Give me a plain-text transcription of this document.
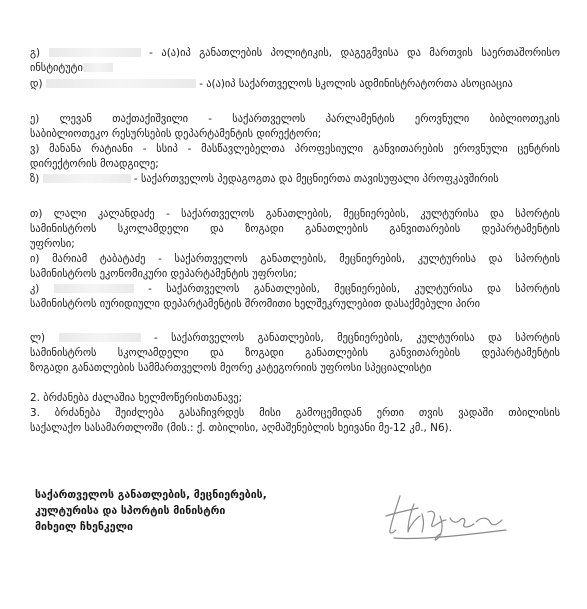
გ)	- ა(ა)იპ განათლების პოლიტიკის, დაგეგმვისა და მართვის საერთაშორისო
ინსტიტუტი
დ)	- ა(ა)იპ საქართველოს სკოლის ადმინისტრატორთა ასოციაცია
ე) ლევან თაქთაქიშვილი - საქართველოს პარლამენტის ეროვნული ბიბლიოთეკის
საბიბლიოთეკო რესურსების დეპარტამენტის დირექტორი;
ვ) მანანა რატიანი - სსიპ - მასწავლებელთა პროფესიული განვითარების ეროვნული ცენტრის
დირექტორის მოადგილე;
ზ)	- საქართველოს პედაგოგთა და მეცნიერთა თავისუფალი პროფკავშირის
თ) ლალი კალანდაძე - საქართველოს განათლების, მეცნიერების, კულტურისა და სპორტის
სამინისტროს სკოლამდელი და ზოგადი განათლების განვითარების დეპარტამენტის
უფროსი;
ი) მარიამ ტაბატაძე - საქართველოს განათლების, მეცნიერების, კულტურისა და სპორტის
სამინისტროს ეკონომიკური დეპარტამენტის უფროსი;
კ)	- საქართველოს განათლების, მეცნიერების, კულტურისა და სპორტის
სამინისტროს იურიდიული დეპარტამენტის შრომითი ხელშეკრულებით დასაქმებული პირი
ლ)	- საქართველოს განათლების, მეცნიერების, კულტურისა და სპორტის
სამინისტროს სკოლამდელი და ზოგადი განათლების განვითარების დეპარტამენტის
ზოგადი განათლების სამმართველოს მეორე კატეგორიის უფროსი სპეციალისტი
2. ბრძანება ძალაშია ხელმოწერისთანავე;
3. ბრძანება შეიძლება გასაჩივრდეს მისი გამოცემიდან ერთი თვის ვადაში თბილისის
საქალაქო სასამართლოში (მის.: ქ. თბილისი, აღმაშენებლის ხეივანი მე-12 კმ., N6).
საქართველოს განათლების, მეცნიერების,
კულტურისა და სპორტის მინისტრი
მიხეილ ჩხენკელი
